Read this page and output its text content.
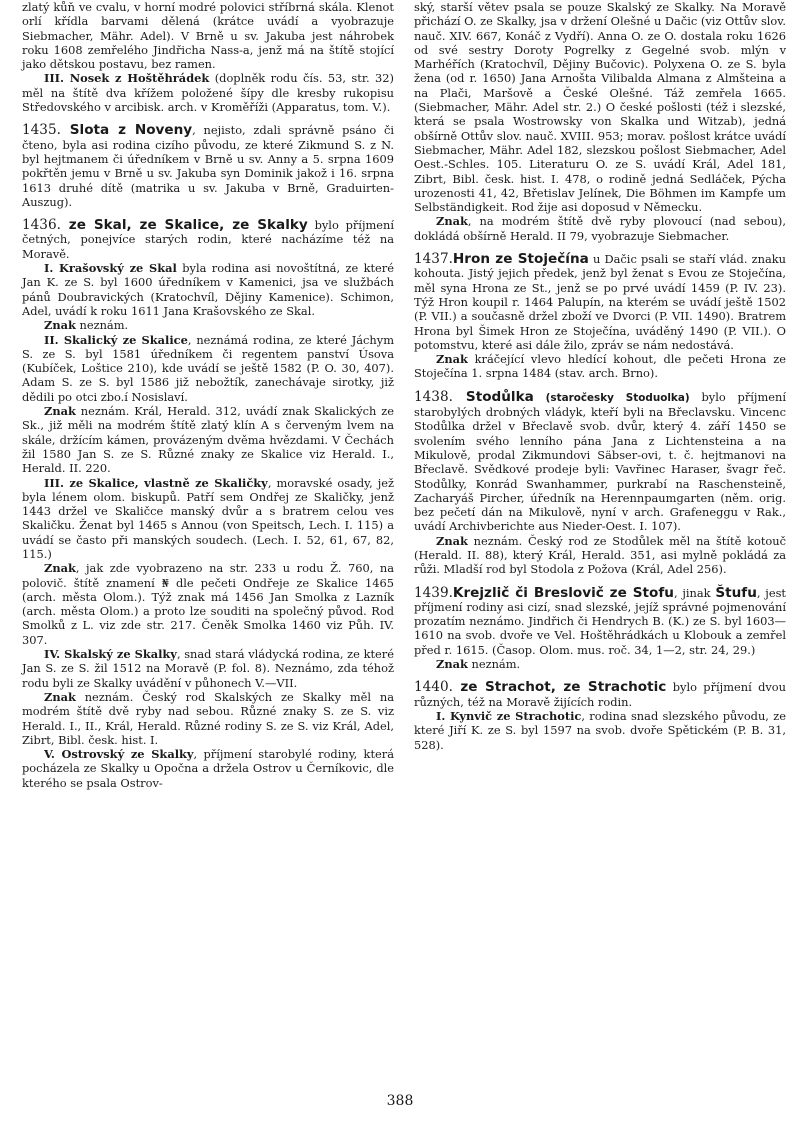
zlatý kůň ve cvalu, v horní modré polovici stříbrná skála. Klenot orlí křídla barvami dělená (krátce uvádí a vyobrazuje Siebmacher, Mähr. Adel). V Brně u sv. Jakuba jest náhrobek roku 1608 zemřelého Jindřicha Nass-a, jenž má na štítě stojící jako dětskou postavu, bez ramen.

III. Nosek z Hoštěhrádek (doplněk rodu čís. 53, str. 32) měl na štítě dva křížem položené šípy dle kresby rukopisu Středovského v arcibisk. arch. v Kroměříži (Apparatus, tom. V.).

1435. Slota z Noveny, nejisto, zdali správně psáno či čteno, byla asi rodina cizího původu, ze které Zikmund S. z N. byl hejtmanem či úředníkem v Brně u sv. Anny a 5. srpna 1609 pokřtěn jemu v Brně u sv. Jakuba syn Dominik jakož i 16. srpna 1613 druhé dítě (matrika u sv. Jakuba v Brně, Graduirten-Auszug).

1436. ze Skal, ze Skalice, ze Skalky bylo příjmení četných, ponejvíce starých rodin, které nacházíme též na Moravě.

I. Krašovský ze Skal byla rodina asi novoštítná, ze které Jan K. ze S. byl 1600 úředníkem v Kamenici, jsa ve službách pánů Doubravických (Kratochvíl, Dějiny Kamenice). Schimon, Adel, uvádí k roku 1611 Jana Krašovského ze Skal.

Znak neznám.

II. Skalický ze Skalice, neznámá rodina, ze které Jáchym S. ze S. byl 1581 úředníkem či regentem panství Úsova (Kubíček, Loštice 210), kde uvádí se ještě 1582 (P. O. 30, 407). Adam S. ze S. byl 1586 již nebožtík, zanechávaje sirotky, již dědili po otci zbo.í Nosislaví.

Znak neznám. Král, Herald. 312, uvádí znak Skalických ze Sk., již měli na modrém štítě zlatý klín A s červeným lvem na skále, držícím kámen, provázeným dvěma hvězdami. V Čechách žil 1580 Jan S. ze S. Různé znaky ze Skalice viz Herald. I., Herald. II. 220.

III. ze Skalice, vlastně ze Skaličky, moravské osady, jež byla lénem olom. biskupů. Patří sem Ondřej ze Skaličky, jenž 1443 držel ve Skaličce manský dvůr a s bratrem celou ves Skaličku. Ženat byl 1465 s Annou (von Speitsch, Lech. I. 115) a uvádí se často při manských soudech. (Lech. I. 52, 61, 67, 82, 115.)

Znak, jak zde vyobrazeno na str. 233 u rodu Ž. 760, na polovič. štítě znamení ₦ dle pečeti Ondřeje ze Skalice 1465 (arch. města Olom.). Týž znak má 1456 Jan Smolka z Lazník (arch. města Olom.) a proto lze souditi na společný původ. Rod Smolků z L. viz zde str. 217. Čeněk Smolka 1460 viz Půh. IV. 307.

IV. Skalský ze Skalky, snad stará vládycká rodina, ze které Jan S. ze S. žil 1512 na Moravě (P. fol. 8). Neznámo, zda téhož rodu byli ze Skalky uvádění v půhonech V.—VII.

Znak neznám. Český rod Skalských ze Skalky měl na modrém štítě dvě ryby nad sebou. Různé znaky S. ze S. viz Herald. I., II., Král, Herald. Různé rodiny S. ze S. viz Král, Adel, Zibrt, Bibl. česk. hist. I.

V. Ostrovský ze Skalky, příjmení starobylé rodiny, která pocházela ze Skalky u Opočna a držela Ostrov u Černíkovic, dle kterého se psala Ostrov-

ský, starší větev psala se pouze Skalský ze Skalky. Na Moravě přichází O. ze Skalky, jsa v držení Olešné u Dačic (viz Ottův slov. nauč. XIV. 667, Konáč z Vydří). Anna O. ze O. dostala roku 1626 od své sestry Doroty Pogrelky z Gegelné svob. mlýn v Marhéřích (Kratochvíl, Dějiny Bučovic). Polyxena O. ze S. byla žena (od r. 1650) Jana Arnošta Vilibalda Almana z Almšteina a na Plači, Maršově a České Olešné. Táž zemřela 1665. (Siebmacher, Mähr. Adel str. 2.) O české pošlosti (též i slezské, která se psala Wostrowsky von Skalka und Witzab), jedná obšírně Ottův slov. nauč. XVIII. 953; morav. pošlost krátce uvádí Siebmacher, Mähr. Adel 182, slezskou pošlost Siebmacher, Adel Oest.-Schles. 105. Literaturu O. ze S. uvádí Král, Adel 181, Zibrt, Bibl. česk. hist. I. 478, o rodině jedná Sedláček, Pýcha urozenosti 41, 42, Břetislav Jelínek, Die Böhmen im Kampfe um Selbständigkeit. Rod žije asi doposud v Německu.

Znak, na modrém štítě dvě ryby plovoucí (nad sebou), dokládá obšírně Herald. II 79, vyobrazuje Siebmacher.

1437.Hron ze Stoječína u Dačic psali se staří vlád. znaku kohouta. Jistý jejich předek, jenž byl ženat s Evou ze Stoječína, měl syna Hrona ze St., jenž se po prvé uvádí 1459 (P. IV. 23). Týž Hron koupil r. 1464 Palupín, na kterém se uvádí ještě 1502 (P. VII.) a současně držel zboží ve Dvorci (P. VII. 1490). Bratrem Hrona byl Šimek Hron ze Stoječína, uváděný 1490 (P. VII.). O potomstvu, které asi dále žilo, zpráv se nám nedostává.

Znak kráčející vlevo hledící kohout, dle pečeti Hrona ze Stoječína 1. srpna 1484 (stav. arch. Brno).

1438. Stodůlka (staročesky Stoduolka) bylo příjmení starobylých drobných vládyk, kteří byli na Břeclavsku. Vincenc Stodůlka držel v Břeclavě svob. dvůr, který 4. září 1450 se svolením svého lenního pána Jana z Lichtensteina a na Mikulově, prodal Zikmundovi Säbser-ovi, t. č. hejtmanovi na Břeclavě. Svědkové prodeje byli: Vavřinec Haraser, švagr řeč. Stodůlky, Konrád Swanhammer, purkrabí na Raschensteině, Zacharyáš Pircher, úředník na Herennpaumgarten (něm. orig. bez pečetí dán na Mikulově, nyní v arch. Grafeneggu v Rak., uvádí Archivberichte aus Nieder-Oest. I. 107).

Znak neznám. Český rod ze Stodůlek měl na štítě kotouč (Herald. II. 88), který Král, Herald. 351, asi mylně pokládá za růži. Mladší rod byl Stodola z Požova (Král, Adel 256).

1439.Krejzlič či Breslovič ze Stofu, jinak Štufu, jest příjmení rodiny asi cizí, snad slezské, jejíž správné pojmenování prozatím neznámo. Jindřich či Hendrych B. (K.) ze S. byl 1603—1610 na svob. dvoře ve Vel. Hoštěhrádkách u Klobouk a zemřel před r. 1615. (Časop. Olom. mus. roč. 34, 1—2, str. 24, 29.)

Znak neznám.

1440. ze Strachot, ze Strachotic bylo příjmení dvou různých, též na Moravě žijících rodin.

I. Kynvič ze Strachotic, rodina snad slezského původu, ze které Jiří K. ze S. byl 1597 na svob. dvoře Spětickém (P. B. 31, 528).

388
